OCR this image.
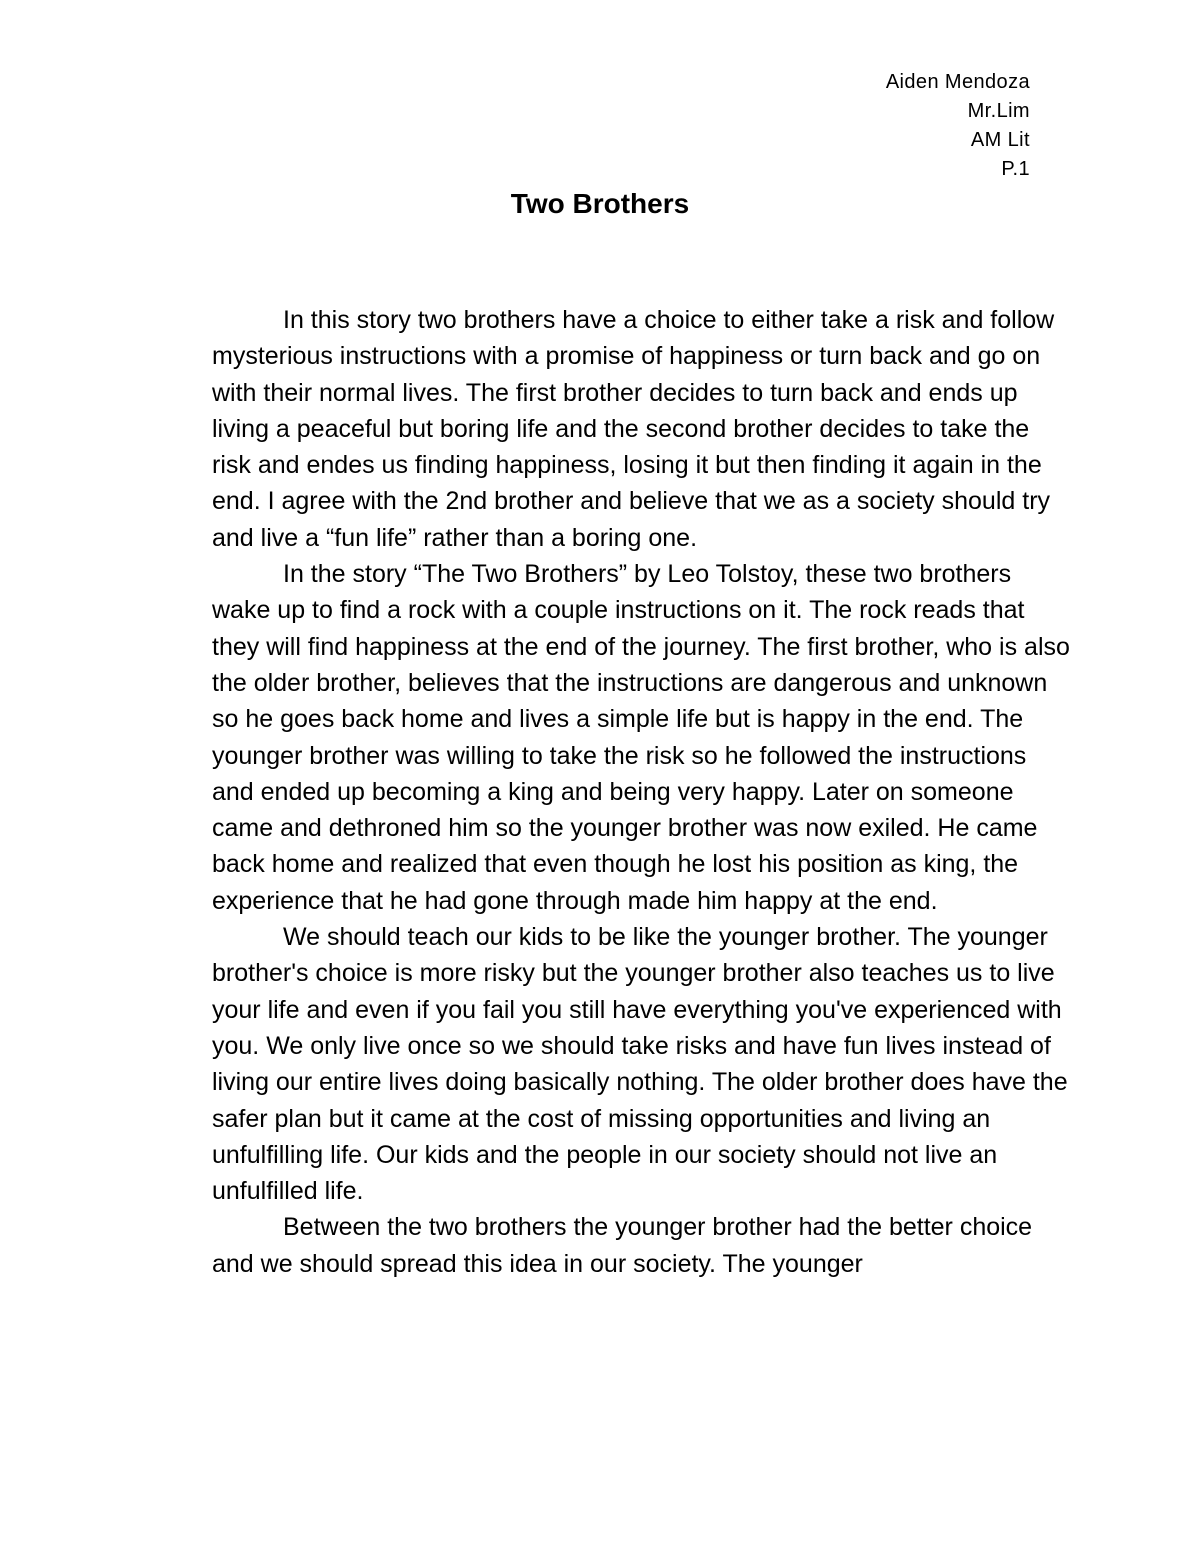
Aiden Mendoza
Mr.Lim
AM Lit
P.1
Two Brothers

In this story two brothers have a choice to either take a risk and follow mysterious instructions with a promise of happiness or turn back and go on with their normal lives. The first brother decides to turn back and ends up living a peaceful but boring life and the second brother decides to take the risk and endes us finding happiness, losing it but then finding it again in the end. I agree with the 2nd brother and believe that we as a society should try and live a “fun life” rather than a boring one.

In the story “The Two Brothers” by Leo Tolstoy, these two brothers wake up to find a rock with a couple instructions on it. The rock reads that they will find happiness at the end of the journey. The first brother, who is also the older brother, believes that the instructions are dangerous and unknown so he goes back home and lives a simple life but is happy in the end. The younger brother was willing to take the risk so he followed the instructions and ended up becoming a king and being very happy. Later on someone came and dethroned him so the younger brother was now exiled. He came back home and realized that even though he lost his position as king, the experience that he had gone through made him happy at the end.

We should teach our kids to be like the younger brother. The younger brother's choice is more risky but the younger brother also teaches us to live your life and even if you fail you still have everything you've experienced with you. We only live once so we should take risks and have fun lives instead of living our entire lives doing basically nothing. The older brother does have the safer plan but it came at the cost of missing opportunities and living an unfulfilling life. Our kids and the people in our society should not live an unfulfilled life.

Between the two brothers the younger brother had the better choice and we should spread this idea in our society. The younger
